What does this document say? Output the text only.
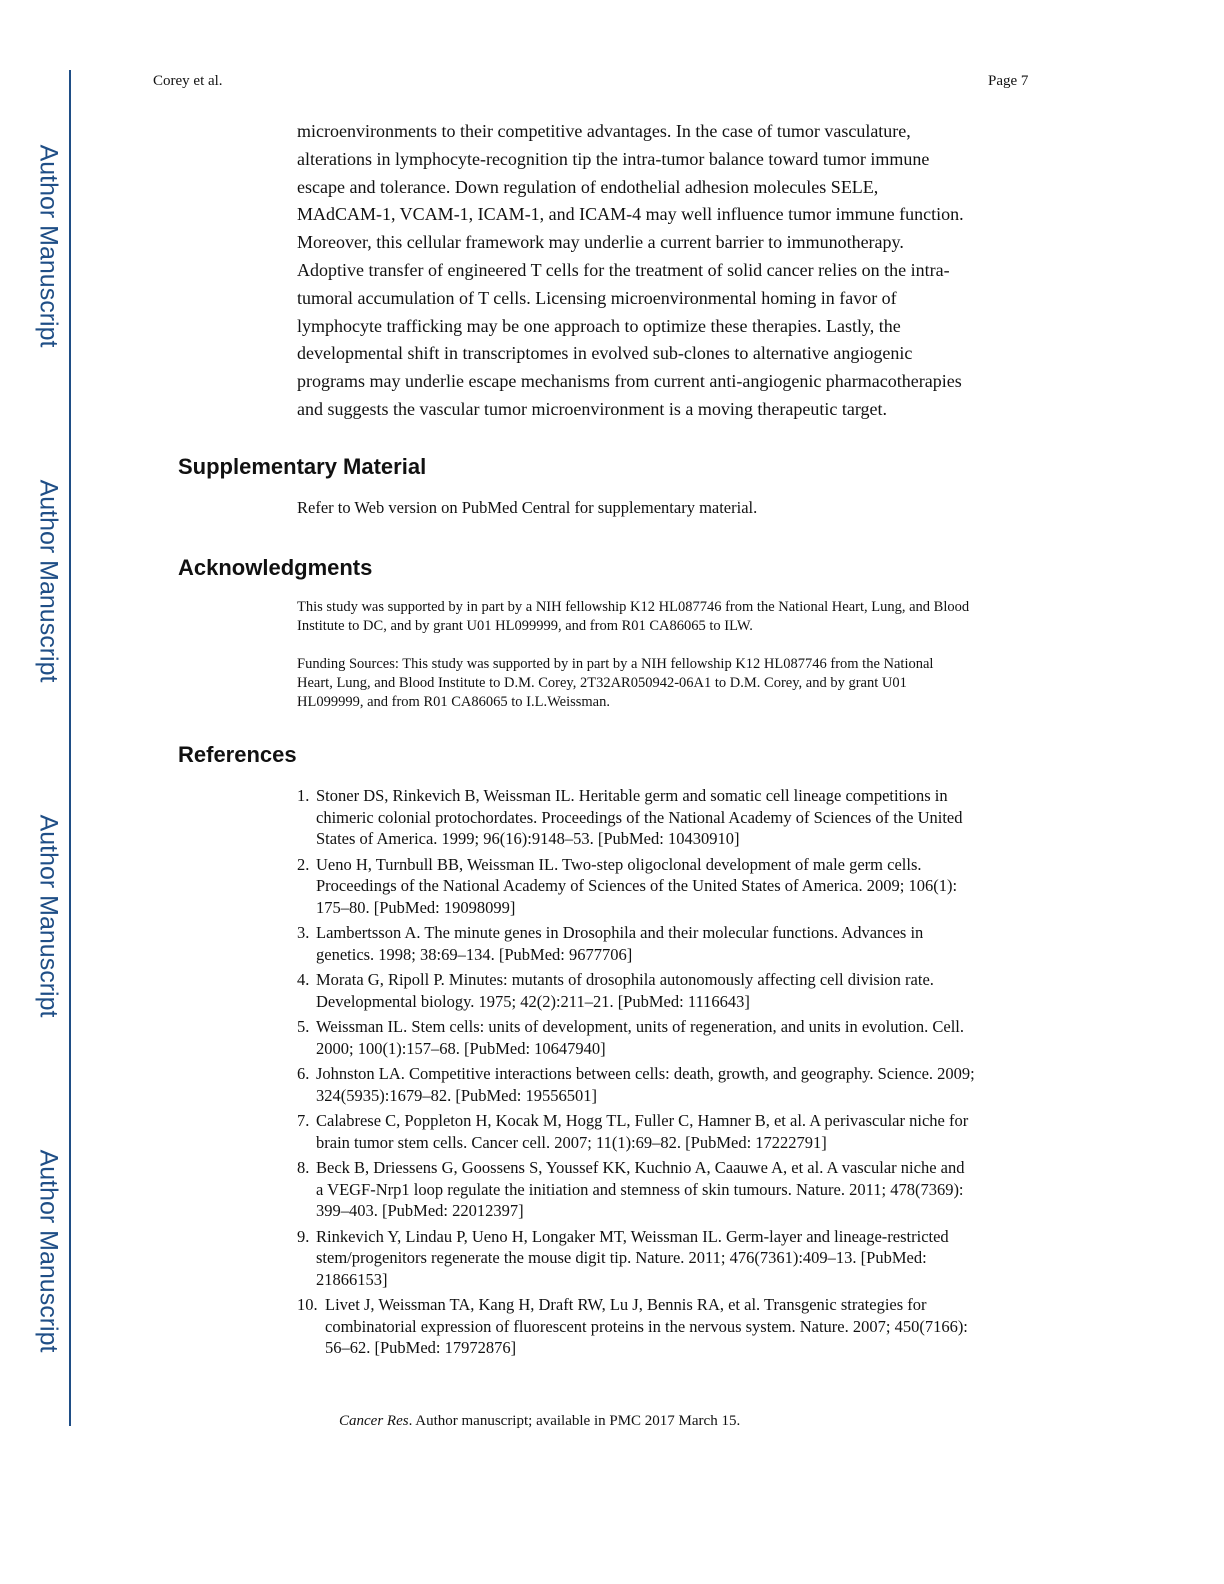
Author Manuscript
Author Manuscript
Author Manuscript
Author Manuscript
Corey et al.	Page 7

microenvironments to their competitive advantages. In the case of tumor vasculature,
alterations in lymphocyte-recognition tip the intra-tumor balance toward tumor immune
escape and tolerance. Down regulation of endothelial adhesion molecules SELE,
MAdCAM-1, VCAM-1, ICAM-1, and ICAM-4 may well influence tumor immune function.
Moreover, this cellular framework may underlie a current barrier to immunotherapy.
Adoptive transfer of engineered T cells for the treatment of solid cancer relies on the intra-
tumoral accumulation of T cells. Licensing microenvironmental homing in favor of
lymphocyte trafficking may be one approach to optimize these therapies. Lastly, the
developmental shift in transcriptomes in evolved sub-clones to alternative angiogenic
programs may underlie escape mechanisms from current anti-angiogenic pharmacotherapies
and suggests the vascular tumor microenvironment is a moving therapeutic target.

Supplementary Material

Refer to Web version on PubMed Central for supplementary material.

Acknowledgments

This study was supported by in part by a NIH fellowship K12 HL087746 from the National Heart, Lung, and Blood
Institute to DC, and by grant U01 HL099999, and from R01 CA86065 to ILW.

Funding Sources: This study was supported by in part by a NIH fellowship K12 HL087746 from the National
Heart, Lung, and Blood Institute to D.M. Corey, 2T32AR050942-06A1 to D.M. Corey, and by grant U01
HL099999, and from R01 CA86065 to I.L.Weissman.

References
1. Stoner DS, Rinkevich B, Weissman IL. Heritable germ and somatic cell lineage competitions in
chimeric colonial protochordates. Proceedings of the National Academy of Sciences of the United
States of America. 1999; 96(16):9148–53. [PubMed: 10430910]
2. Ueno H, Turnbull BB, Weissman IL. Two-step oligoclonal development of male germ cells.
Proceedings of the National Academy of Sciences of the United States of America. 2009; 106(1):
175–80. [PubMed: 19098099]
3. Lambertsson A. The minute genes in Drosophila and their molecular functions. Advances in
genetics. 1998; 38:69–134. [PubMed: 9677706]
4. Morata G, Ripoll P. Minutes: mutants of drosophila autonomously affecting cell division rate.
Developmental biology. 1975; 42(2):211–21. [PubMed: 1116643]
5. Weissman IL. Stem cells: units of development, units of regeneration, and units in evolution. Cell.
2000; 100(1):157–68. [PubMed: 10647940]
6. Johnston LA. Competitive interactions between cells: death, growth, and geography. Science. 2009;
324(5935):1679–82. [PubMed: 19556501]
7. Calabrese C, Poppleton H, Kocak M, Hogg TL, Fuller C, Hamner B, et al. A perivascular niche for
brain tumor stem cells. Cancer cell. 2007; 11(1):69–82. [PubMed: 17222791]
8. Beck B, Driessens G, Goossens S, Youssef KK, Kuchnio A, Caauwe A, et al. A vascular niche and
a VEGF-Nrp1 loop regulate the initiation and stemness of skin tumours. Nature. 2011; 478(7369):
399–403. [PubMed: 22012397]
9. Rinkevich Y, Lindau P, Ueno H, Longaker MT, Weissman IL. Germ-layer and lineage-restricted
stem/progenitors regenerate the mouse digit tip. Nature. 2011; 476(7361):409–13. [PubMed:
21866153]
10. Livet J, Weissman TA, Kang H, Draft RW, Lu J, Bennis RA, et al. Transgenic strategies for
combinatorial expression of fluorescent proteins in the nervous system. Nature. 2007; 450(7166):
56–62. [PubMed: 17972876]
Cancer Res. Author manuscript; available in PMC 2017 March 15.
